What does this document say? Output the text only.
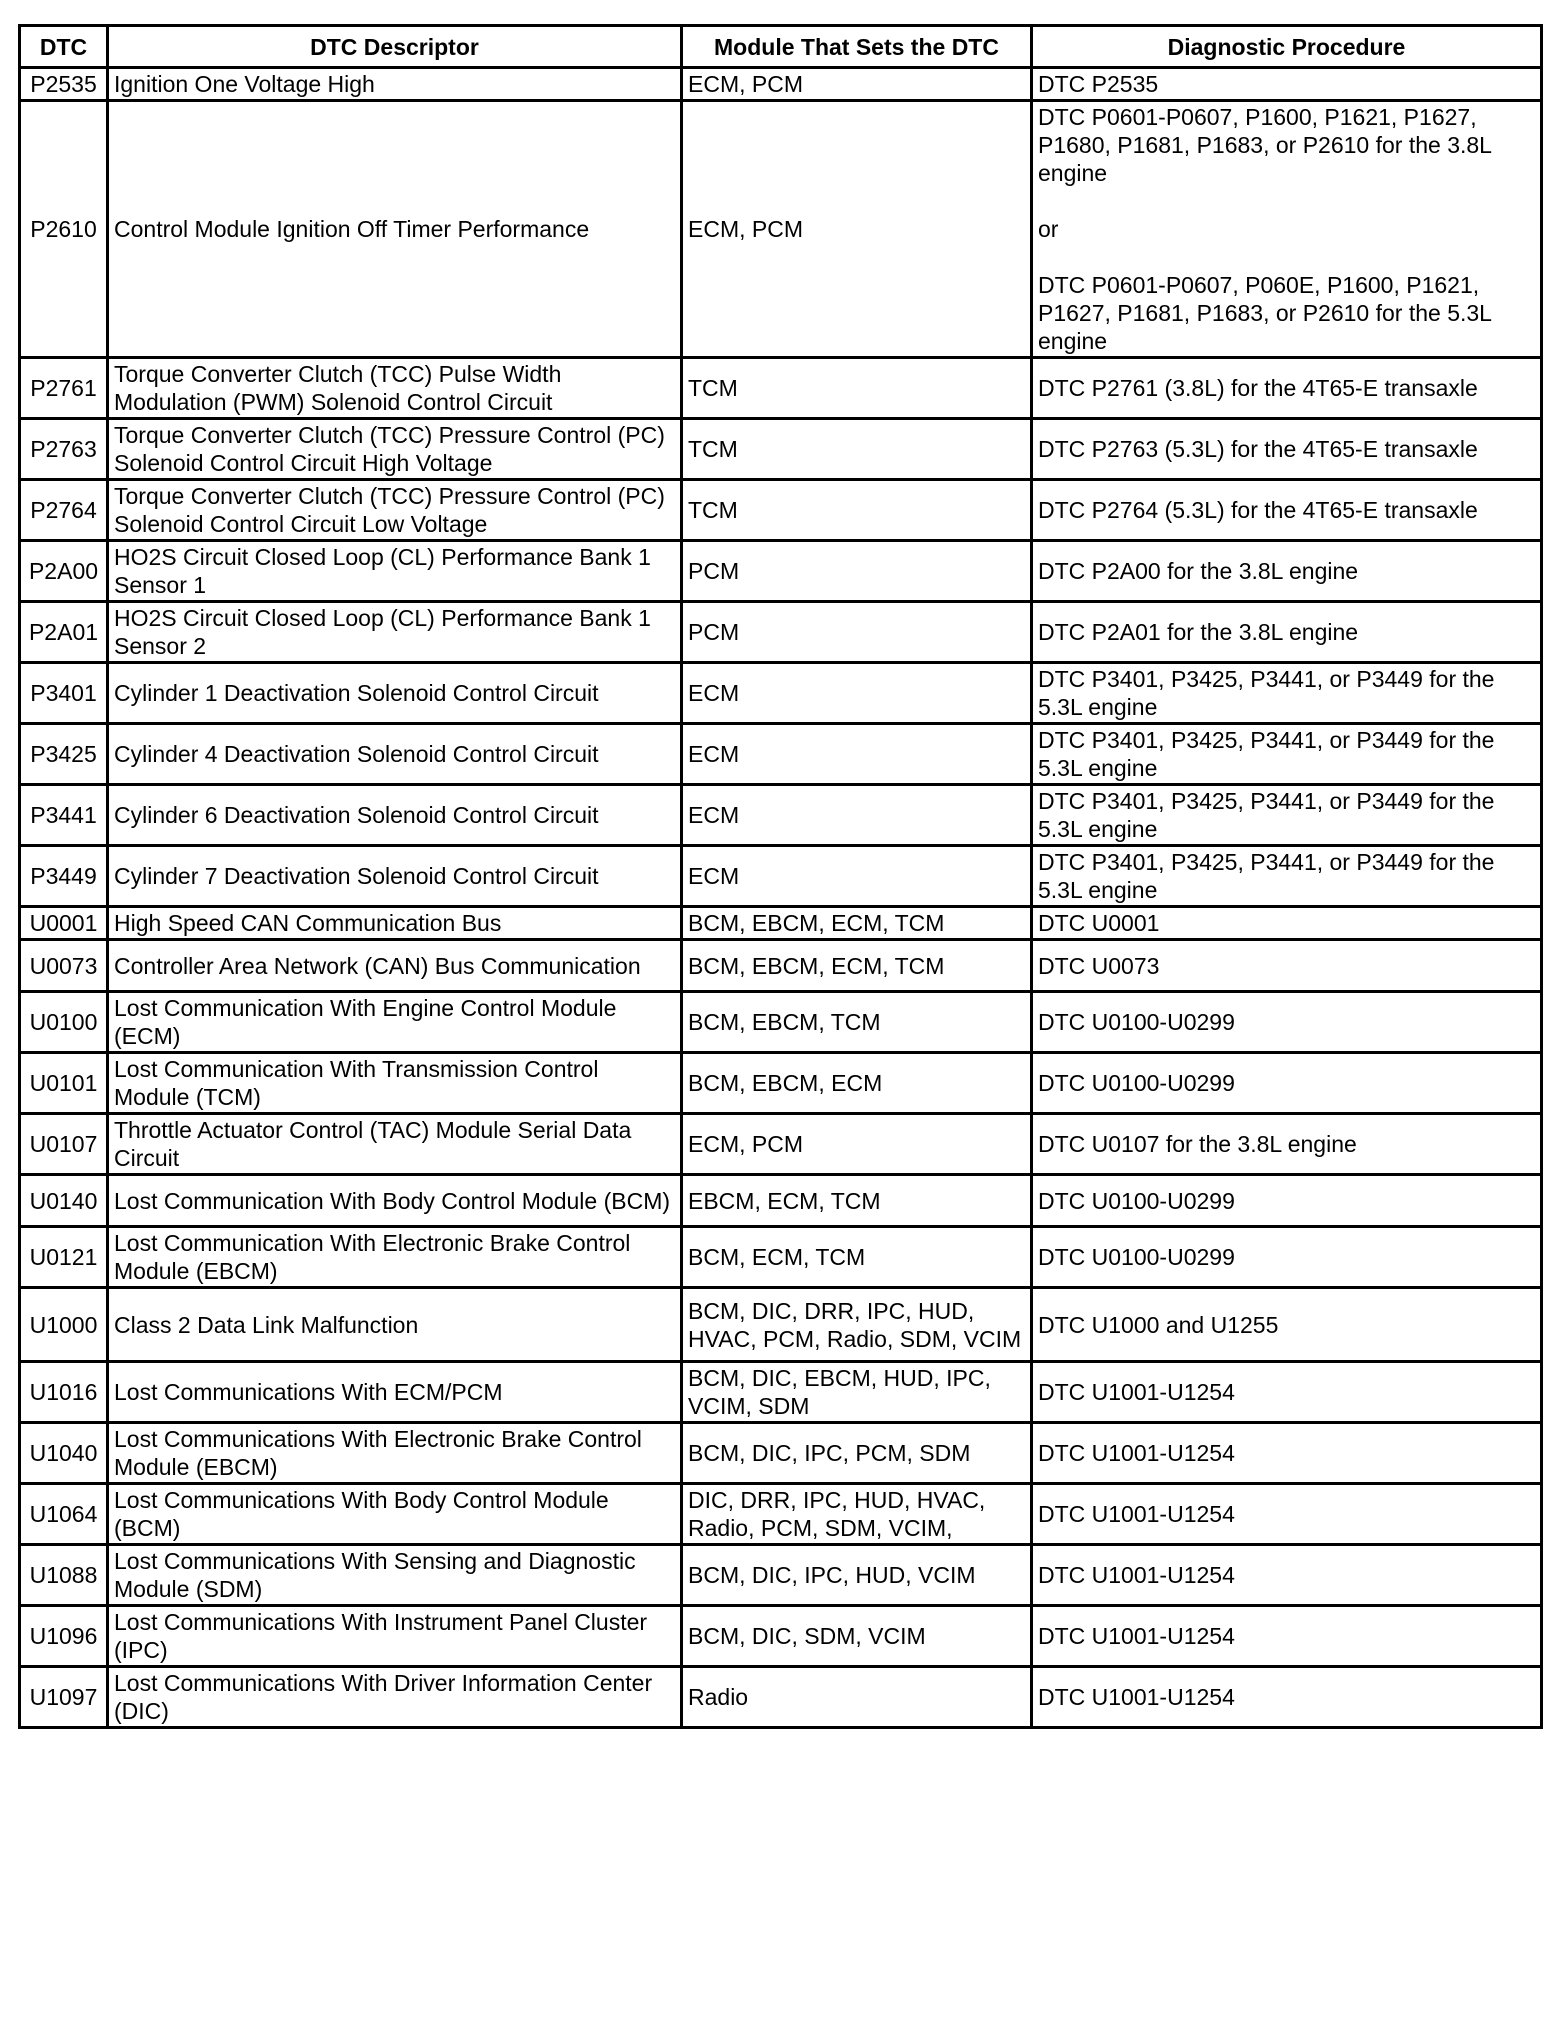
DTC	DTC Descriptor	Module That Sets the DTC	Diagnostic Procedure
P2535	Ignition One Voltage High	ECM, PCM	DTC P2535
P2610	Control Module Ignition Off Timer Performance	ECM, PCM	DTC P0601-P0607, P1600, P1621, P1627, P1680, P1681, P1683, or P2610 for the 3.8L engine

or

DTC P0601-P0607, P060E, P1600, P1621, P1627, P1681, P1683, or P2610 for the 5.3L engine
P2761	Torque Converter Clutch (TCC) Pulse Width Modulation (PWM) Solenoid Control Circuit	TCM	DTC P2761 (3.8L) for the 4T65-E transaxle
P2763	Torque Converter Clutch (TCC) Pressure Control (PC) Solenoid Control Circuit High Voltage	TCM	DTC P2763 (5.3L) for the 4T65-E transaxle
P2764	Torque Converter Clutch (TCC) Pressure Control (PC) Solenoid Control Circuit Low Voltage	TCM	DTC P2764 (5.3L) for the 4T65-E transaxle
P2A00	HO2S Circuit Closed Loop (CL) Performance Bank 1 Sensor 1	PCM	DTC P2A00 for the 3.8L engine
P2A01	HO2S Circuit Closed Loop (CL) Performance Bank 1 Sensor 2	PCM	DTC P2A01 for the 3.8L engine
P3401	Cylinder 1 Deactivation Solenoid Control Circuit	ECM	DTC P3401, P3425, P3441, or P3449 for the 5.3L engine
P3425	Cylinder 4 Deactivation Solenoid Control Circuit	ECM	DTC P3401, P3425, P3441, or P3449 for the 5.3L engine
P3441	Cylinder 6 Deactivation Solenoid Control Circuit	ECM	DTC P3401, P3425, P3441, or P3449 for the 5.3L engine
P3449	Cylinder 7 Deactivation Solenoid Control Circuit	ECM	DTC P3401, P3425, P3441, or P3449 for the 5.3L engine
U0001	High Speed CAN Communication Bus	BCM, EBCM, ECM, TCM	DTC U0001
U0073	Controller Area Network (CAN) Bus Communication	BCM, EBCM, ECM, TCM	DTC U0073
U0100	Lost Communication With Engine Control Module (ECM)	BCM, EBCM, TCM	DTC U0100-U0299
U0101	Lost Communication With Transmission Control Module (TCM)	BCM, EBCM, ECM	DTC U0100-U0299
U0107	Throttle Actuator Control (TAC) Module Serial Data Circuit	ECM, PCM	DTC U0107 for the 3.8L engine
U0140	Lost Communication With Body Control Module (BCM)	EBCM, ECM, TCM	DTC U0100-U0299
U0121	Lost Communication With Electronic Brake Control Module (EBCM)	BCM, ECM, TCM	DTC U0100-U0299
U1000	Class 2 Data Link Malfunction	BCM, DIC, DRR, IPC, HUD, HVAC, PCM, Radio, SDM, VCIM	DTC U1000 and U1255
U1016	Lost Communications With ECM/PCM	BCM, DIC, EBCM, HUD, IPC, VCIM, SDM	DTC U1001-U1254
U1040	Lost Communications With Electronic Brake Control Module (EBCM)	BCM, DIC, IPC, PCM, SDM	DTC U1001-U1254
U1064	Lost Communications With Body Control Module (BCM)	DIC, DRR, IPC, HUD, HVAC, Radio, PCM, SDM, VCIM,	DTC U1001-U1254
U1088	Lost Communications With Sensing and Diagnostic Module (SDM)	BCM, DIC, IPC, HUD, VCIM	DTC U1001-U1254
U1096	Lost Communications With Instrument Panel Cluster (IPC)	BCM, DIC, SDM, VCIM	DTC U1001-U1254
U1097	Lost Communications With Driver Information Center (DIC)	Radio	DTC U1001-U1254
